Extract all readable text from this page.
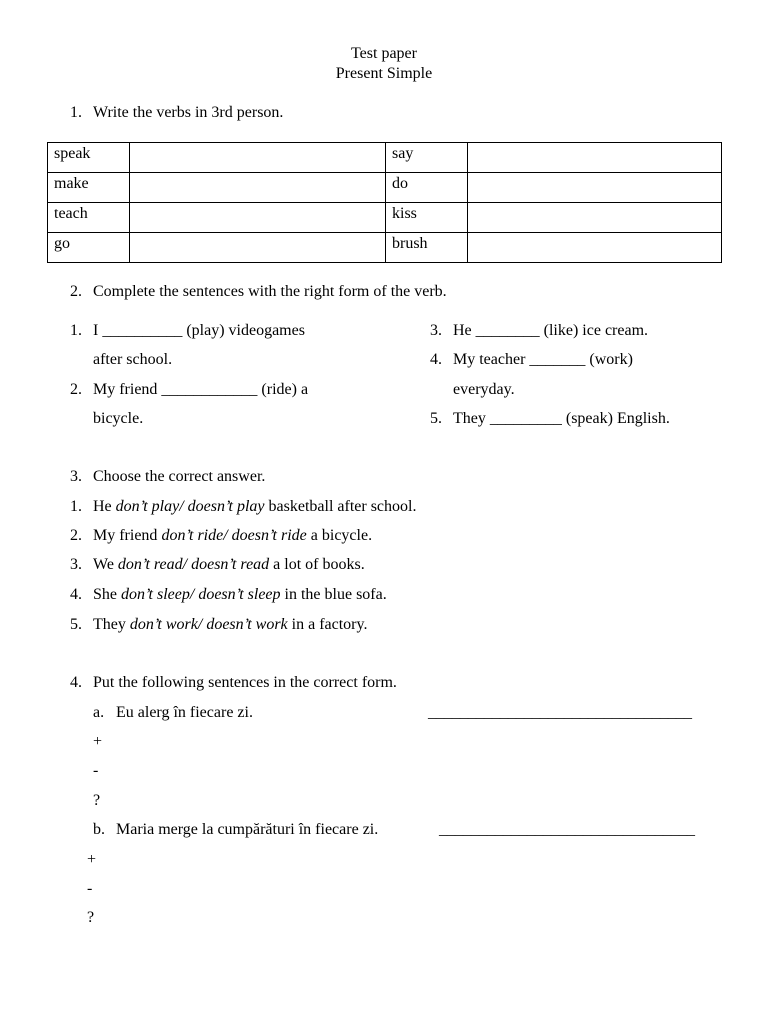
Test paper
Present Simple
1. Write the verbs in 3rd person.
speak		say	
make		do	
teach		kiss	
go		brush	
2. Complete the sentences with the right form of the verb.
1. I __________ (play) videogames
after school.
2. My friend ____________ (ride) a
bicycle.
3. He ________ (like) ice cream.
4. My teacher _______ (work)
everyday.
5. They _________ (speak) English.
3. Choose the correct answer.
1. He don’t play/ doesn’t play basketball after school.
2. My friend don’t ride/ doesn’t ride a bicycle.
3. We don’t read/ doesn’t read a lot of books.
4. She don’t sleep/ doesn’t sleep in the blue sofa.
5. They don’t work/ doesn’t work in a factory.
4. Put the following sentences in the correct form.
a. Eu alerg în fiecare zi.	_________________________________
+
-
?
b. Maria merge la cumpărături în fiecare zi.	________________________________
+
-
?
